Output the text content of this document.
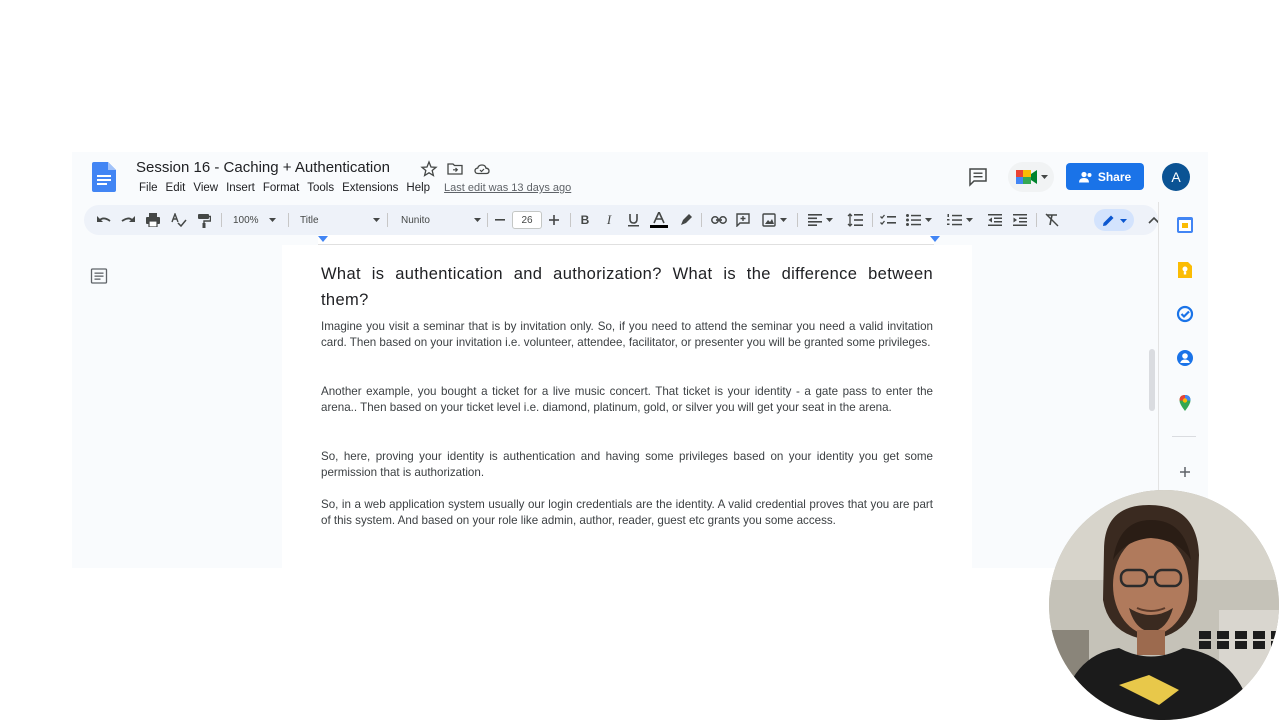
Session 16 - Caching + Authentication
File Edit View Insert Format Tools Extensions Help	Last edit was 13 days ago
Share	A
100%	Title	Nunito	26	B	I
What is authentication and authorization? What is the difference between them?

Imagine you visit a seminar that is by invitation only. So, if you need to attend the seminar you need a valid invitation card. Then based on your invitation i.e. volunteer, attendee, facilitator, or presenter you will be granted some privileges.

Another example, you bought a ticket for a live music concert. That ticket is your identity - a gate pass to enter the arena.. Then based on your ticket level i.e. diamond, platinum, gold, or silver you will get your seat in the arena.

So, here, proving your identity is authentication and having some privileges based on your identity you get some permission that is authorization.

So, in a web application system usually our login credentials are the identity. A valid credential proves that you are part of this system. And based on your role like admin, author, reader, guest etc grants you some access.
